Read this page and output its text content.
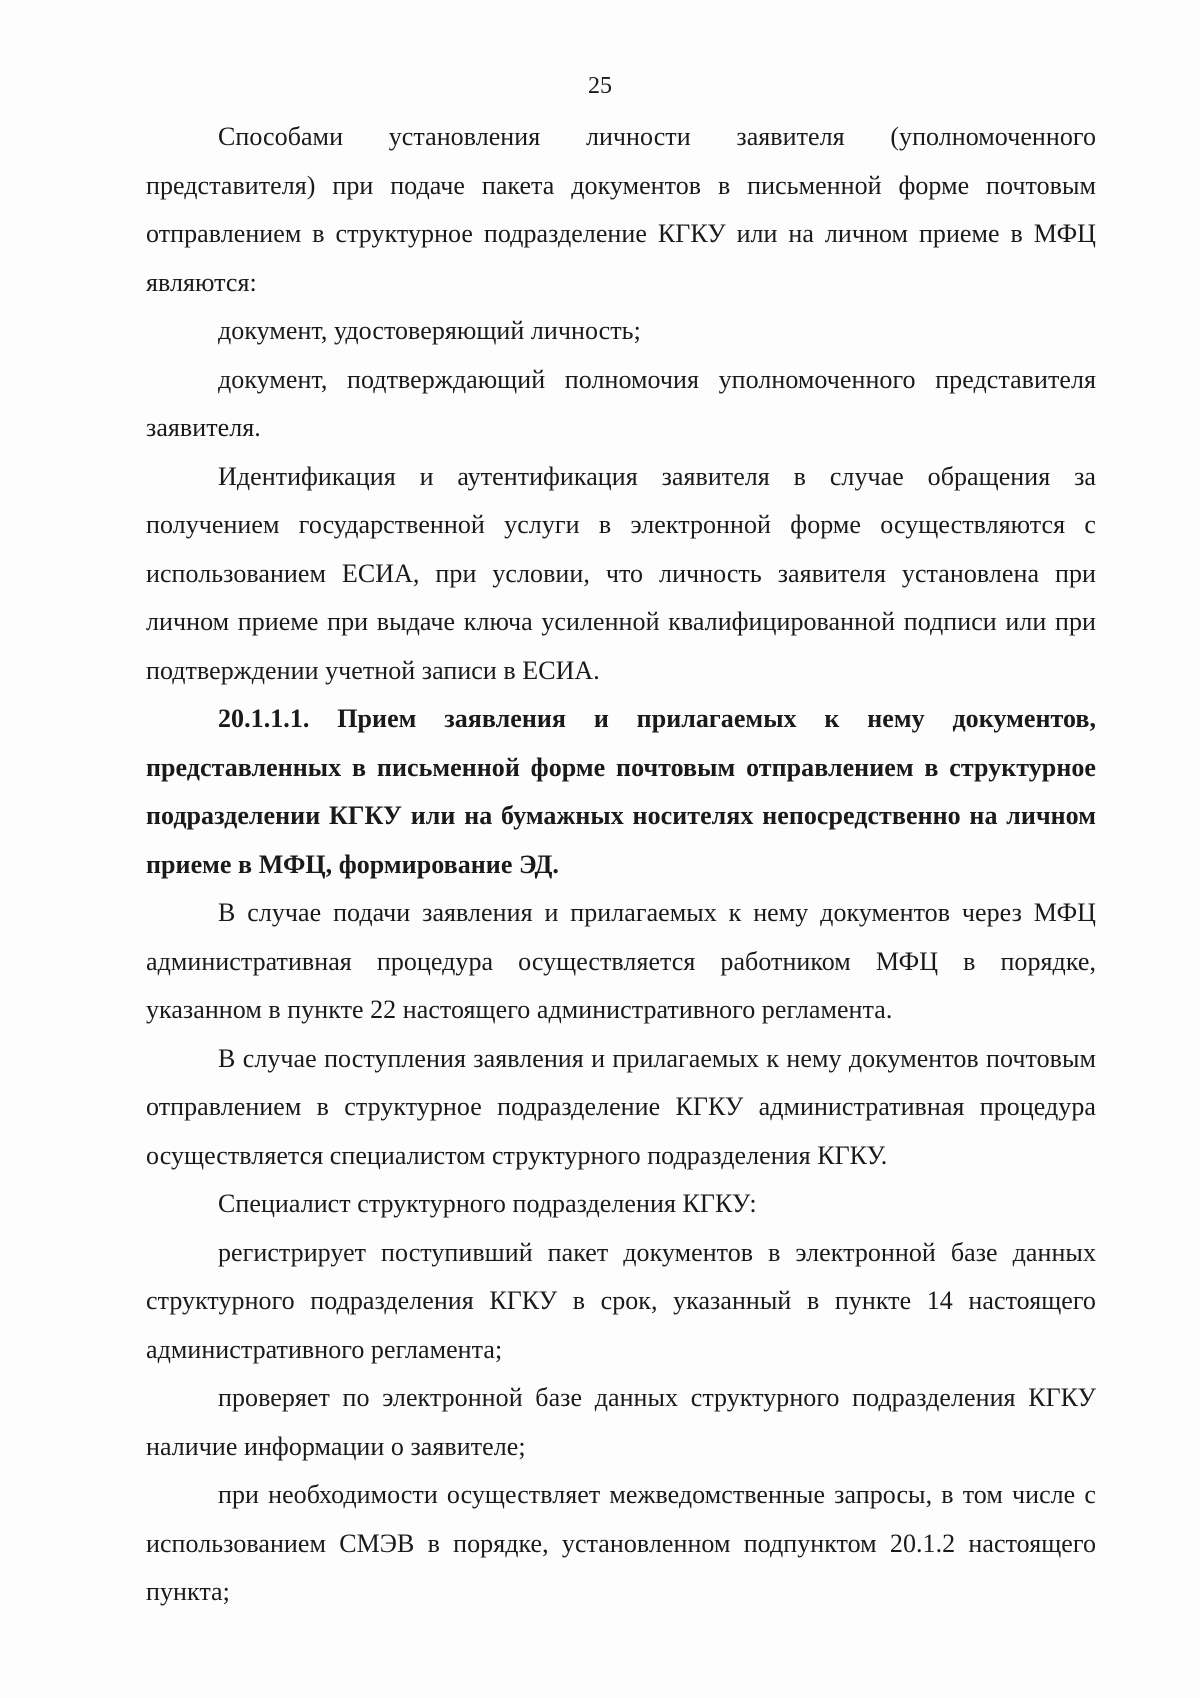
25

Способами установления личности заявителя (уполномоченного представителя) при подаче пакета документов в письменной форме почтовым отправлением в структурное подразделение КГКУ или на личном приеме в МФЦ являются:

документ, удостоверяющий личность;

документ, подтверждающий полномочия уполномоченного представителя заявителя.

Идентификация и аутентификация заявителя в случае обращения за получением государственной услуги в электронной форме осуществляются с использованием ЕСИА, при условии, что личность заявителя установлена при личном приеме при выдаче ключа усиленной квалифицированной подписи или при подтверждении учетной записи в ЕСИА.

20.1.1.1. Прием заявления и прилагаемых к нему документов, представленных в письменной форме почтовым отправлением в структурное подразделении КГКУ или на бумажных носителях непосредственно на личном приеме в МФЦ, формирование ЭД.

В случае подачи заявления и прилагаемых к нему документов через МФЦ административная процедура осуществляется работником МФЦ в порядке, указанном в пункте 22 настоящего административного регламента.

В случае поступления заявления и прилагаемых к нему документов почтовым отправлением в структурное подразделение КГКУ административная процедура осуществляется специалистом структурного подразделения КГКУ.

Специалист структурного подразделения КГКУ:

регистрирует поступивший пакет документов в электронной базе данных структурного подразделения КГКУ в срок, указанный в пункте 14 настоящего административного регламента;

проверяет по электронной базе данных структурного подразделения КГКУ наличие информации о заявителе;

при необходимости осуществляет межведомственные запросы, в том числе с использованием СМЭВ в порядке, установленном подпунктом 20.1.2 настоящего пункта;
